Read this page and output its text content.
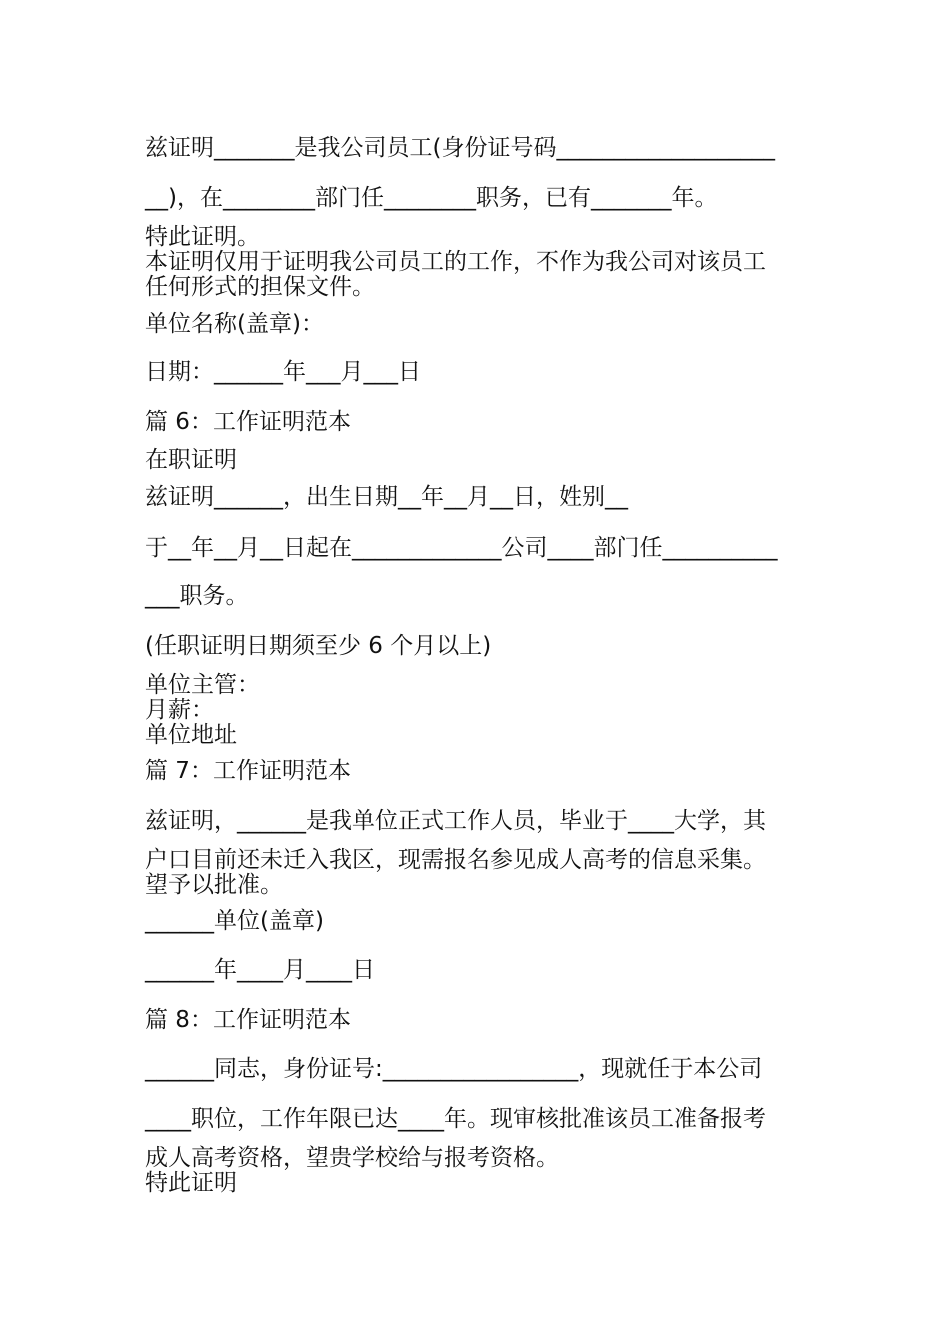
兹证明_______是我公司员工(身份证号码___________________

__)，在________部门任________职务，已有_______年。

特此证明。

本证明仅用于证明我公司员工的工作，不作为我公司对该员工

任何形式的担保文件。

单位名称(盖章)：

日期：______年___月___日

篇 6：工作证明范本

在职证明

兹证明______，出生日期__年__月__日，姓别__

于__年__月__日起在_____________公司____部门任__________

___职务。

(任职证明日期须至少 6 个月以上)

单位主管：

月薪：

单位地址

篇 7：工作证明范本

兹证明，______是我单位正式工作人员，毕业于____大学，其

户口目前还未迁入我区，现需报名参见成人高考的信息采集。

望予以批准。

______单位(盖章)

______年____月____日

篇 8：工作证明范本

______同志，身份证号:_________________，现就任于本公司

____职位，工作年限已达____年。现审核批准该员工准备报考

成人高考资格，望贵学校给与报考资格。

特此证明
